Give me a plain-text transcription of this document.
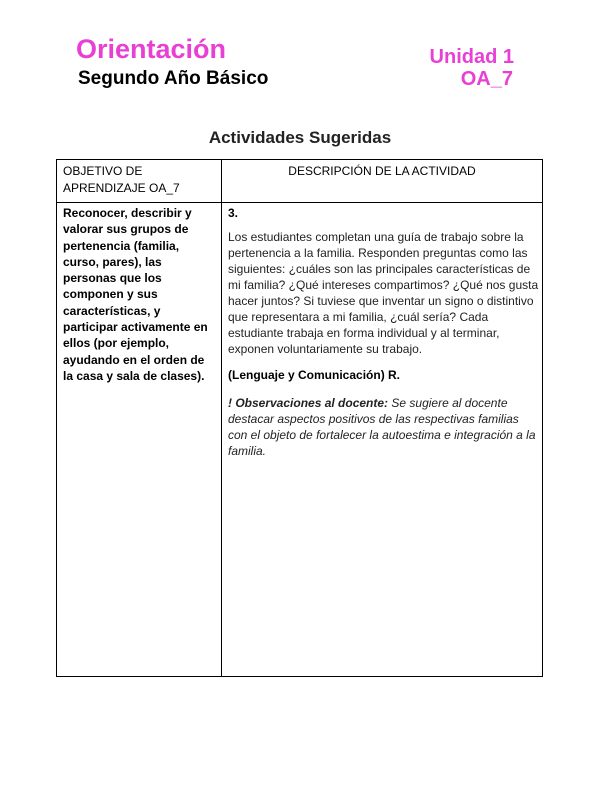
Orientación
Segundo Año Básico
Unidad 1
OA_7
Actividades Sugeridas
OBJETIVO DE APRENDIZAJE OA_7
DESCRIPCIÓN DE LA ACTIVIDAD
Reconocer, describir y valorar sus grupos de pertenencia (familia, curso, pares), las personas que los componen y sus características, y participar activamente en ellos (por ejemplo, ayudando en el orden de la casa y sala de clases).

3.

Los estudiantes completan una guía de trabajo sobre la pertenencia a la familia. Responden preguntas como las siguientes: ¿cuáles son las principales características de mi familia? ¿Qué intereses compartimos? ¿Qué nos gusta hacer juntos? Si tuviese que inventar un signo o distintivo que representara a mi familia, ¿cuál sería? Cada estudiante trabaja en forma individual y al terminar, exponen voluntariamente su trabajo.

(Lenguaje y Comunicación) R.

! Observaciones al docente: Se sugiere al docente destacar aspectos positivos de las respectivas familias con el objeto de fortalecer la autoestima e integración a la familia.
